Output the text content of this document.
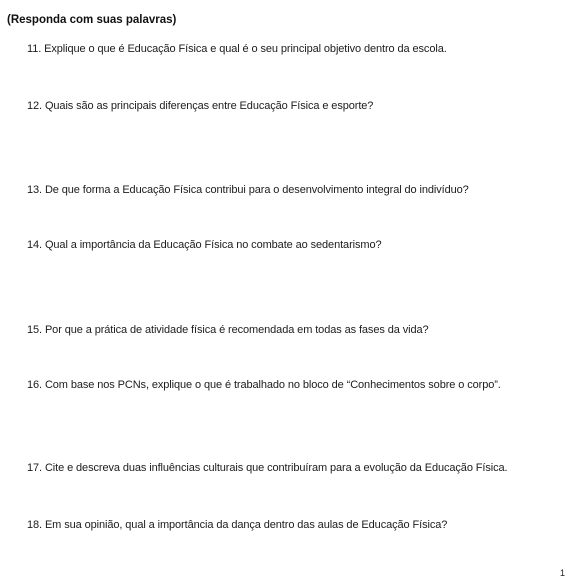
(Responda com suas palavras)
11. Explique o que é Educação Física e qual é o seu principal objetivo dentro da escola.
12. Quais são as principais diferenças entre Educação Física e esporte?
13. De que forma a Educação Física contribui para o desenvolvimento integral do indivíduo?
14. Qual a importância da Educação Física no combate ao sedentarismo?
15. Por que a prática de atividade física é recomendada em todas as fases da vida?
16. Com base nos PCNs, explique o que é trabalhado no bloco de “Conhecimentos sobre o corpo”.
17. Cite e descreva duas influências culturais que contribuíram para a evolução da Educação Física.
18. Em sua opinião, qual a importância da dança dentro das aulas de Educação Física?
1
